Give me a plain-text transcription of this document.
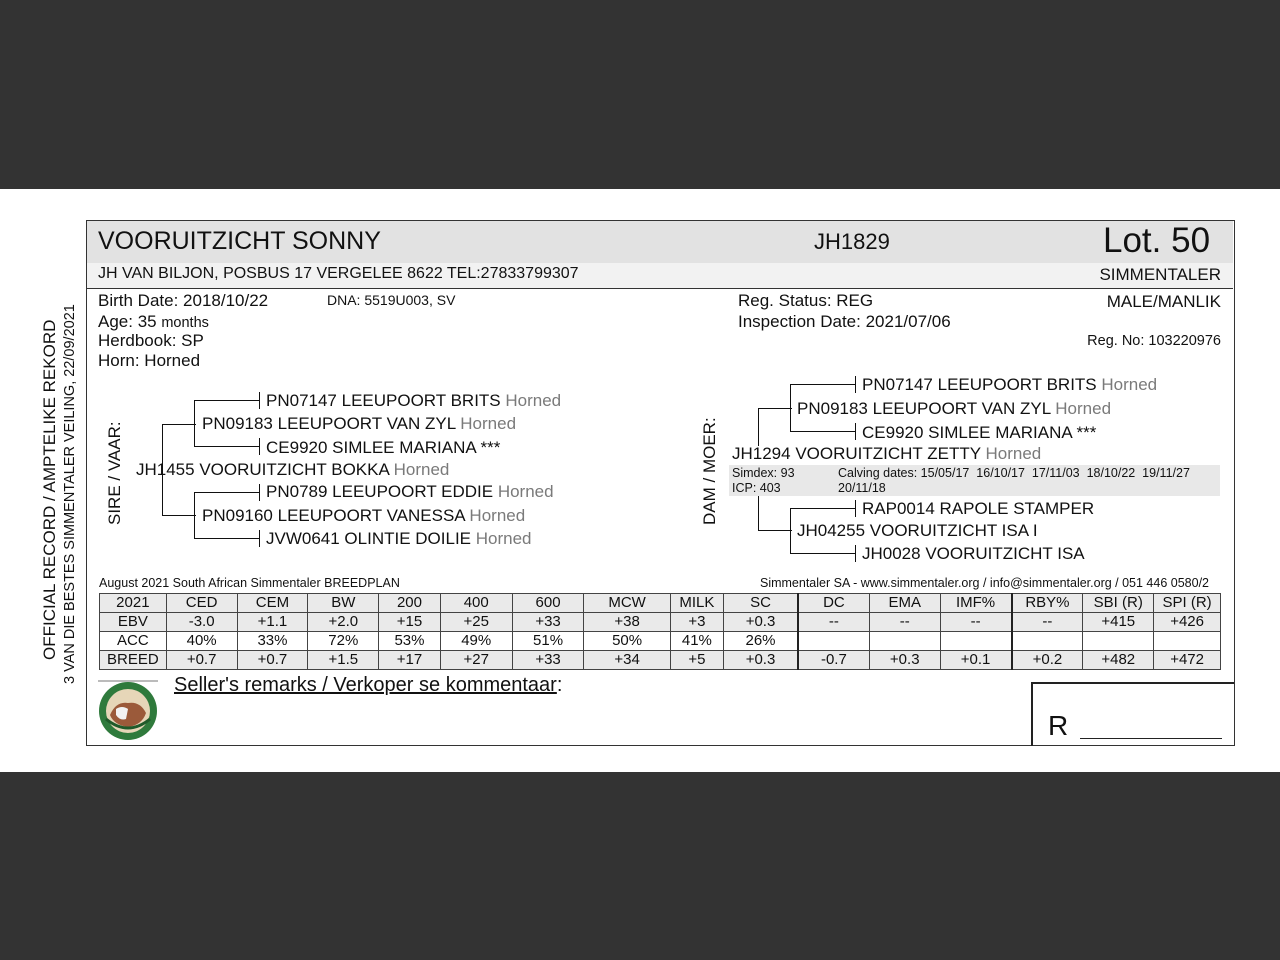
OFFICIAL RECORD / AMPTELIKE REKORD 3 VAN DIE BESTES SIMMENTALER VEILING, 22/09/2021
VOORUITZICHT SONNY	JH1829	Lot. 50
JH VAN BILJON, POSBUS 17 VERGELEE 8622 TEL:27833799307	SIMMENTALER
Birth Date: 2018/10/22	DNA: 5519U003, SV
Age: 35 months
Herdbook: SP
Horn: Horned
Reg. Status: REG
Inspection Date: 2021/07/06
MALE/MANLIK
Reg. No: 103220976
SIRE / VAAR:
PN07147 LEEUPOORT BRITS Horned
PN09183 LEEUPOORT VAN ZYL Horned
CE9920 SIMLEE MARIANA ***
JH1455 VOORUITZICHT BOKKA Horned
PN0789 LEEUPOORT EDDIE Horned
PN09160 LEEUPOORT VANESSA Horned
JVW0641 OLINTIE DOILIE Horned
DAM / MOER:
PN07147 LEEUPOORT BRITS Horned
PN09183 LEEUPOORT VAN ZYL Horned
CE9920 SIMLEE MARIANA ***
JH1294 VOORUITZICHT ZETTY Horned
Simdex: 93
ICP: 403
Calving dates: 15/05/17  16/10/17  17/11/03  18/10/22  19/11/27
20/11/18
RAP0014 RAPOLE STAMPER
JH04255 VOORUITZICHT ISA I
JH0028 VOORUITZICHT ISA
August 2021 South African Simmentaler BREEDPLAN	Simmentaler SA - www.simmentaler.org / info@simmentaler.org / 051 446 0580/2
2021	CED	CEM	BW	200	400	600	MCW	MILK	SC	DC	EMA	IMF%	RBY%	SBI (R)	SPI (R)
EBV	-3.0	+1.1	+2.0	+15	+25	+33	+38	+3	+0.3	--	--	--	--	+415	+426
ACC	40%	33%	72%	53%	49%	51%	50%	41%	26%						
BREED	+0.7	+0.7	+1.5	+17	+27	+33	+34	+5	+0.3	-0.7	+0.3	+0.1	+0.2	+482	+472
Seller's remarks / Verkoper se kommentaar:
R
